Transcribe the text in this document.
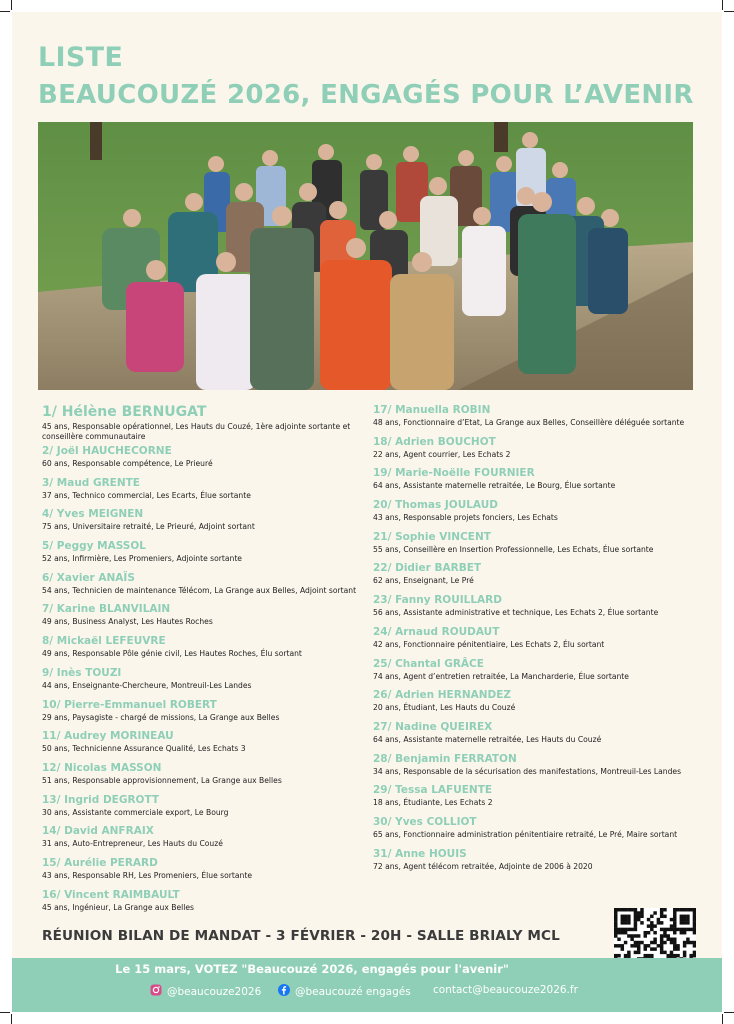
LISTE
BEAUCOUZÉ 2026, ENGAGÉS POUR L’AVENIR
1/ Hélène BERNUGAT
45 ans, Responsable opérationnel, Les Hauts du Couzé, 1ère adjointe sortante et conseillère communautaire
2/ Joël HAUCHECORNE
60 ans, Responsable compétence, Le Prieuré
3/ Maud GRENTE
37 ans, Technico commercial, Les Ecarts, Élue sortante
4/ Yves MEIGNEN
75 ans, Universitaire retraité, Le Prieuré, Adjoint sortant
5/ Peggy MASSOL
52 ans, Infirmière, Les Promeniers, Adjointe sortante
6/ Xavier ANAÏS
54 ans, Technicien de maintenance Télécom, La Grange aux Belles, Adjoint sortant
7/ Karine BLANVILAIN
49 ans, Business Analyst, Les Hautes Roches
8/ Mickaël LEFEUVRE
49 ans, Responsable Pôle génie civil, Les Hautes Roches, Élu sortant
9/ Inès TOUZI
44 ans, Enseignante-Chercheure, Montreuil-Les Landes
10/ Pierre-Emmanuel ROBERT
29 ans, Paysagiste - chargé de missions, La Grange aux Belles
11/ Audrey MORINEAU
50 ans, Technicienne Assurance Qualité, Les Echats 3
12/ Nicolas MASSON
51 ans, Responsable approvisionnement, La Grange aux Belles
13/ Ingrid DEGROTT
30 ans, Assistante commerciale export, Le Bourg
14/ David ANFRAIX
31 ans, Auto-Entrepreneur, Les Hauts du Couzé
15/ Aurélie PERARD
43 ans, Responsable RH, Les Promeniers, Élue sortante
16/ Vincent RAIMBAULT
45 ans, Ingénieur, La Grange aux Belles
17/ Manuella ROBIN
48 ans, Fonctionnaire d’Etat, La Grange aux Belles, Conseillère déléguée sortante
18/ Adrien BOUCHOT
22 ans, Agent courrier, Les Echats 2
19/ Marie-Noëlle FOURNIER
64 ans, Assistante maternelle retraitée, Le Bourg, Élue sortante
20/ Thomas JOULAUD
43 ans, Responsable projets fonciers, Les Echats
21/ Sophie VINCENT
55 ans, Conseillère en Insertion Professionnelle, Les Echats, Élue sortante
22/ Didier BARBET
62 ans, Enseignant, Le Pré
23/ Fanny ROUILLARD
56 ans, Assistante administrative et technique, Les Echats 2, Élue sortante
24/ Arnaud ROUDAUT
42 ans, Fonctionnaire pénitentiaire, Les Echats 2, Élu sortant
25/ Chantal GRÂCE
74 ans, Agent d’entretien retraitée, La Mancharderie, Élue sortante
26/ Adrien HERNANDEZ
20 ans, Étudiant, Les Hauts du Couzé
27/ Nadine QUEIREX
64 ans, Assistante maternelle retraitée, Les Hauts du Couzé
28/ Benjamin FERRATON
34 ans, Responsable de la sécurisation des manifestations, Montreuil-Les Landes
29/ Tessa LAFUENTE
18 ans, Étudiante, Les Echats 2
30/ Yves COLLIOT
65 ans, Fonctionnaire administration pénitentiaire retraité, Le Pré, Maire sortant
31/ Anne HOUIS
72 ans, Agent télécom retraitée, Adjointe de 2006 à 2020

RÉUNION BILAN DE MANDAT - 3 FÉVRIER - 20H - SALLE BRIALY MCL

Le 15 mars, VOTEZ "Beaucouzé 2026, engagés pour l'avenir"
@beaucouze2026	@beaucouzé engagés contact@beaucouze2026.fr
